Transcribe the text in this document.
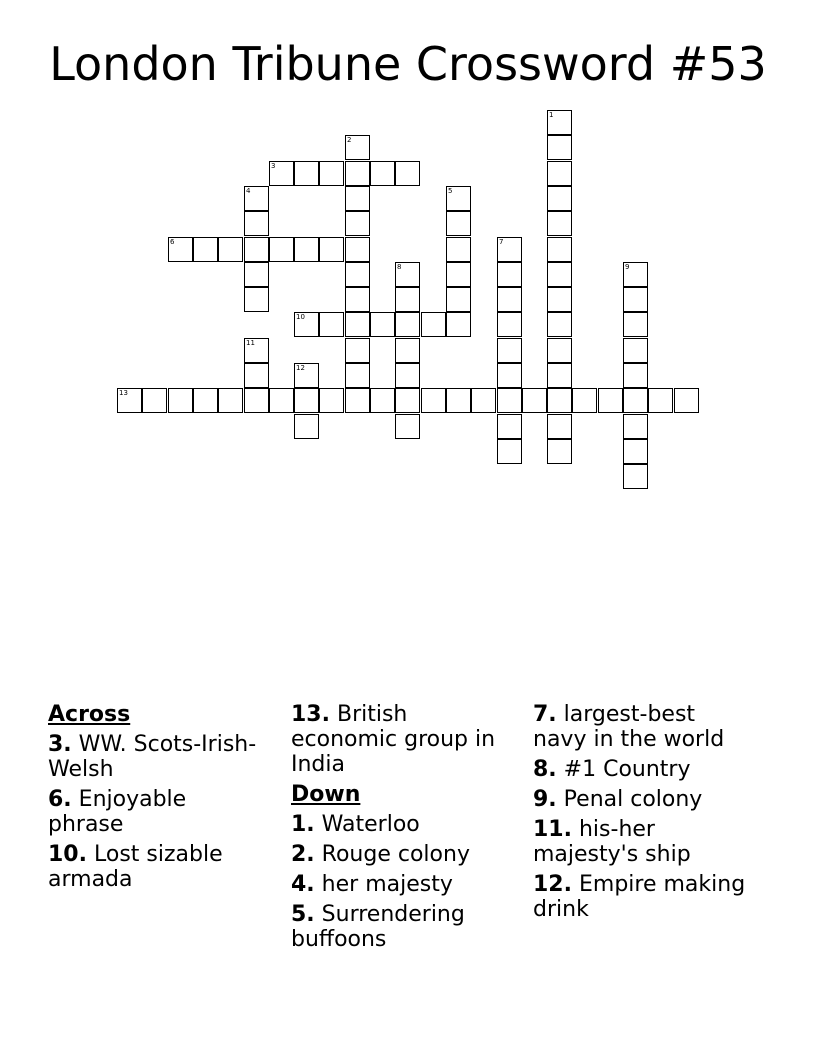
London Tribune Crossword #53
1
2
3
4	5
6	7
8	9
10
11
12
13
Across
3. WW. Scots-Irish-Welsh
6. Enjoyable phrase
10. Lost sizable armada
13. British economic group in India
Down
1. Waterloo
2. Rouge colony
4. her majesty
5. Surrendering buffoons
7. largest-best navy in the world
8. #1 Country
9. Penal colony
11. his-her majesty's ship
12. Empire making drink
